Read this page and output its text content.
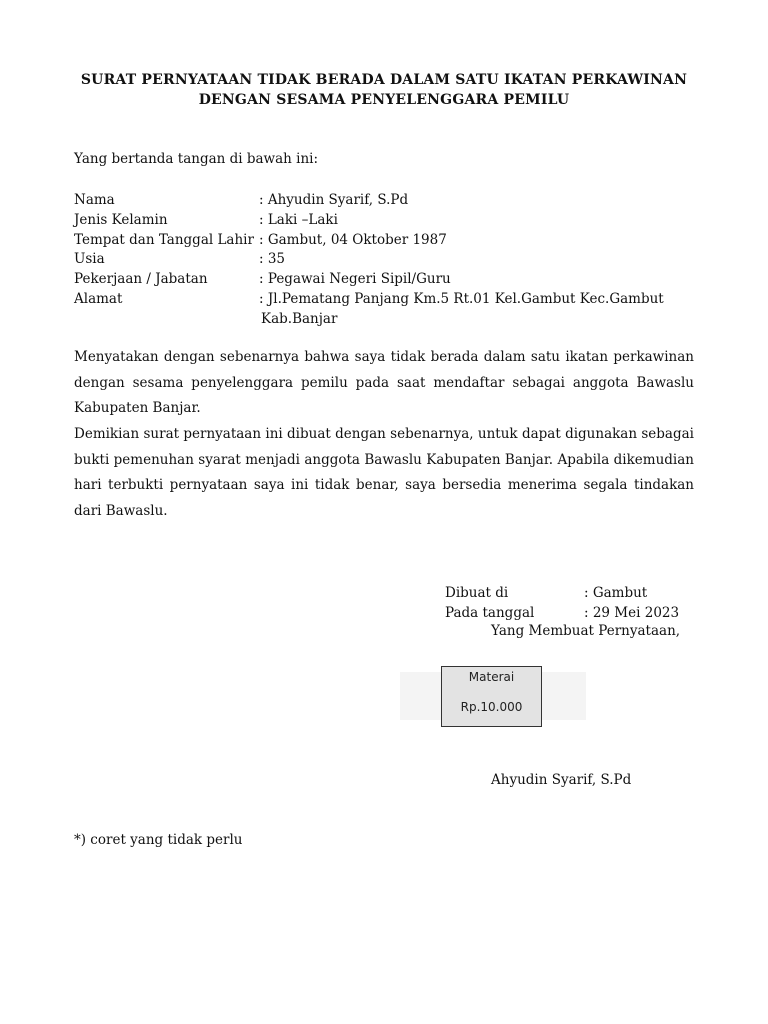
SURAT PERNYATAAN TIDAK BERADA DALAM SATU IKATAN PERKAWINAN
DENGAN SESAMA PENYELENGGARA PEMILU
Yang bertanda tangan di bawah ini:
Nama	: Ahyudin Syarif, S.Pd
Jenis Kelamin	: Laki –Laki
Tempat dan Tanggal Lahir : Gambut, 04 Oktober 1987
Usia	: 35
Pekerjaan / Jabatan	: Pegawai Negeri Sipil/Guru
Alamat	: Jl.Pematang Panjang Km.5 Rt.01 Kel.Gambut Kec.Gambut
Kab.Banjar

Menyatakan dengan sebenarnya bahwa saya tidak berada dalam satu ikatan perkawinan dengan sesama penyelenggara pemilu pada saat mendaftar sebagai anggota Bawaslu Kabupaten Banjar.

Demikian surat pernyataan ini dibuat dengan sebenarnya, untuk dapat digunakan sebagai bukti pemenuhan syarat menjadi anggota Bawaslu Kabupaten Banjar. Apabila dikemudian hari terbukti pernyataan saya ini tidak benar, saya bersedia menerima segala tindakan dari Bawaslu.

Dibuat di	: Gambut
Pada tanggal	: 29 Mei 2023
Yang Membuat Pernyataan,
Materai
Rp.10.000
Ahyudin Syarif, S.Pd
*) coret yang tidak perlu
